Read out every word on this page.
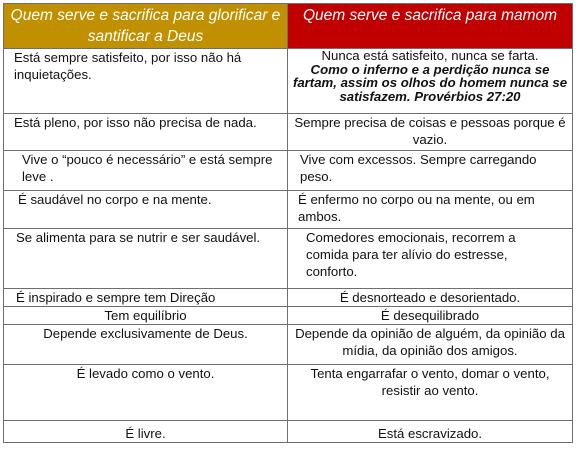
Quem serve e sacrifica para glorificar e santificar a Deus	Quem serve e sacrifica para mamom
Está sempre satisfeito, por isso não há inquietações.	Nunca está satisfeito, nunca se farta.
Como o inferno e a perdição nunca se fartam, assim os olhos do homem nunca se satisfazem. Provérbios 27:20

Está pleno, por isso não precisa de nada.	Sempre precisa de coisas e pessoas porque é vazio.
Vive o “pouco é necessário” e está sempre leve .	Vive com excessos. Sempre carregando peso.
É saudável no corpo e na mente.	É enfermo no corpo ou na mente, ou em ambos.
Se alimenta para se nutrir e ser saudável.	Comedores emocionais, recorrem a comida para ter alívio do estresse, conforto.
É inspirado e sempre tem Direção	É desnorteado e desorientado.
Tem equilíbrio	É desequilibrado
Depende exclusivamente de Deus.	Depende da opinião de alguém, da opinião da mídia, da opinião dos amigos.
É levado como o vento.	Tenta engarrafar o vento, domar o vento, resistir ao vento.
É livre.	Está escravizado.
